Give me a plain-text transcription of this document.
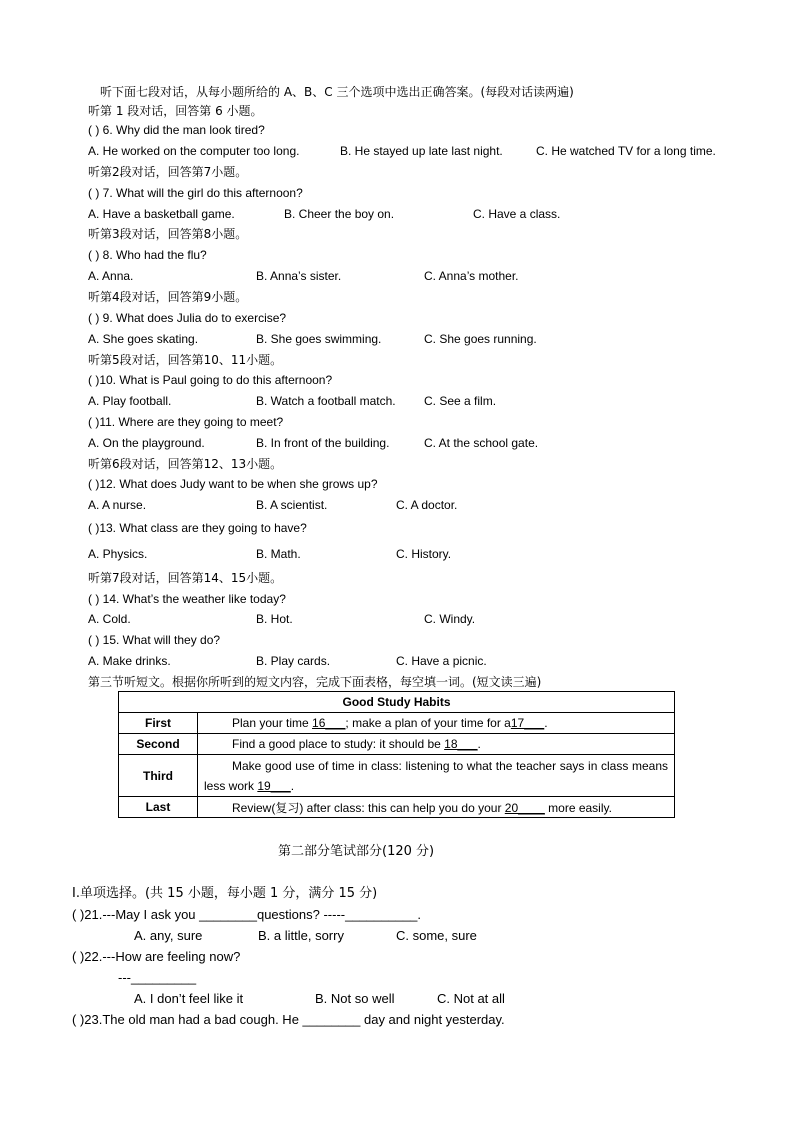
听下面七段对话，从每小题所给的 A、B、C 三个选项中选出正确答案。(每段对话读两遍)
听第 1 段对话，回答第 6 小题。
( ) 6. Why did the man look tired?
A. He worked on the computer too long.	B. He stayed up late last night.	C. He watched TV for a long time.
听第2段对话，回答第7小题。
( ) 7. What will the girl do this afternoon?
A. Have a basketball game.	B. Cheer the boy on.	C. Have a class.
听第3段对话，回答第8小题。
( ) 8. Who had the flu?
A. Anna.	B. Anna’s sister.	C. Anna’s mother.
听第4段对话，回答第9小题。
( ) 9. What does Julia do to exercise?
A. She goes skating.	B. She goes swimming.	C. She goes running.
听第5段对话，回答第10、11小题。
( )10. What is Paul going to do this afternoon?
A. Play football.	B. Watch a football match. C. See a film.
( )11. Where are they going to meet?
A. On the playground.	B. In front of the building.	C. At the school gate.
听第6段对话，回答第12、13小题。
( )12. What does Judy want to be when she grows up?
A. A nurse.	B. A scientist.	C. A doctor.
( )13. What class are they going to have?
A. Physics.	B. Math.	C. History.
听第7段对话，回答第14、15小题。
( ) 14. What’s the weather like today?
A. Cold.	B. Hot.	C. Windy.
( ) 15. What will they do?
A. Make drinks.	B. Play cards.	C. Have a picnic.
第三节听短文。根据你所听到的短文内容，完成下面表格，每空填一词。(短文读三遍)
Good Study Habits	
First	Plan your time 16___; make a plan of your time for a17___.
Second	Find a good place to study: it should be 18___.
Third	Make good use of time in class: listening to what the teacher says in class means less work 19___.
Last	Review(复习) after class: this can help you do your 20____ more easily.
第二部分笔试部分(120 分)
I.单项选择。(共 15 小题，每小题 1 分，满分 15 分)
( )21.---May I ask you ________questions? -----__________.
A. any, sure	B. a little, sorry	C. some, sure
( )22.---How are feeling now?
---_________
A. I don’t feel like it	B. Not so well	C. Not at all
( )23.The old man had a bad cough. He ________ day and night yesterday.
